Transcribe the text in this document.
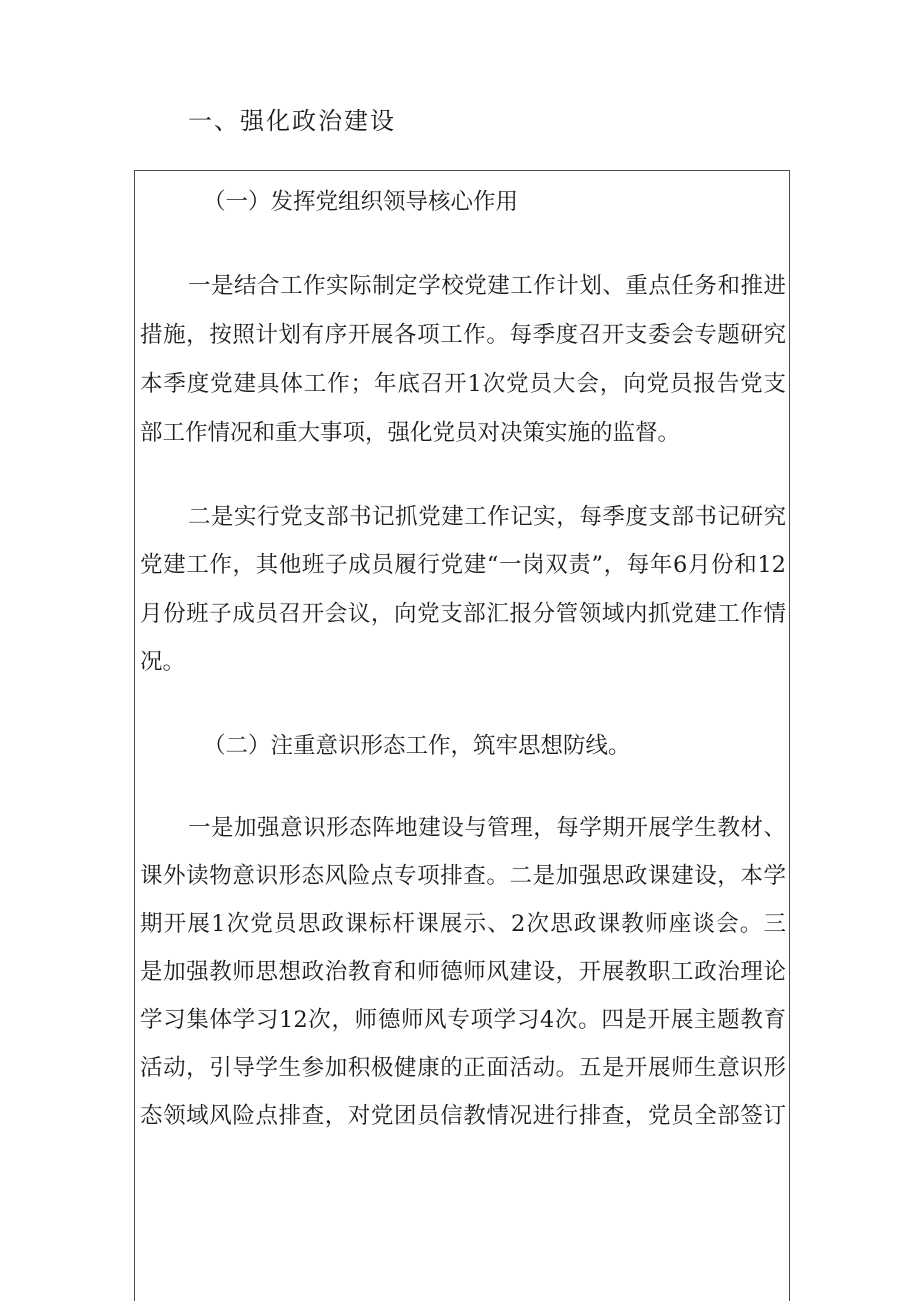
一、强化政治建设
（一）发挥党组织领导核心作用
一是结合工作实际制定学校党建工作计划、重点任务和推进
措施，按照计划有序开展各项工作。每季度召开支委会专题研究
本季度党建具体工作；年底召开1次党员大会，向党员报告党支
部工作情况和重大事项，强化党员对决策实施的监督。
二是实行党支部书记抓党建工作记实，每季度支部书记研究
党建工作，其他班子成员履行党建“一岗双责”，每年6月份和12
月份班子成员召开会议，向党支部汇报分管领域内抓党建工作情
况。
（二）注重意识形态工作，筑牢思想防线。
一是加强意识形态阵地建设与管理，每学期开展学生教材、
课外读物意识形态风险点专项排查。二是加强思政课建设，本学
期开展1次党员思政课标杆课展示、2次思政课教师座谈会。三
是加强教师思想政治教育和师德师风建设，开展教职工政治理论
学习集体学习12次，师德师风专项学习4次。四是开展主题教育
活动，引导学生参加积极健康的正面活动。五是开展师生意识形
态领域风险点排查，对党团员信教情况进行排查，党员全部签订
